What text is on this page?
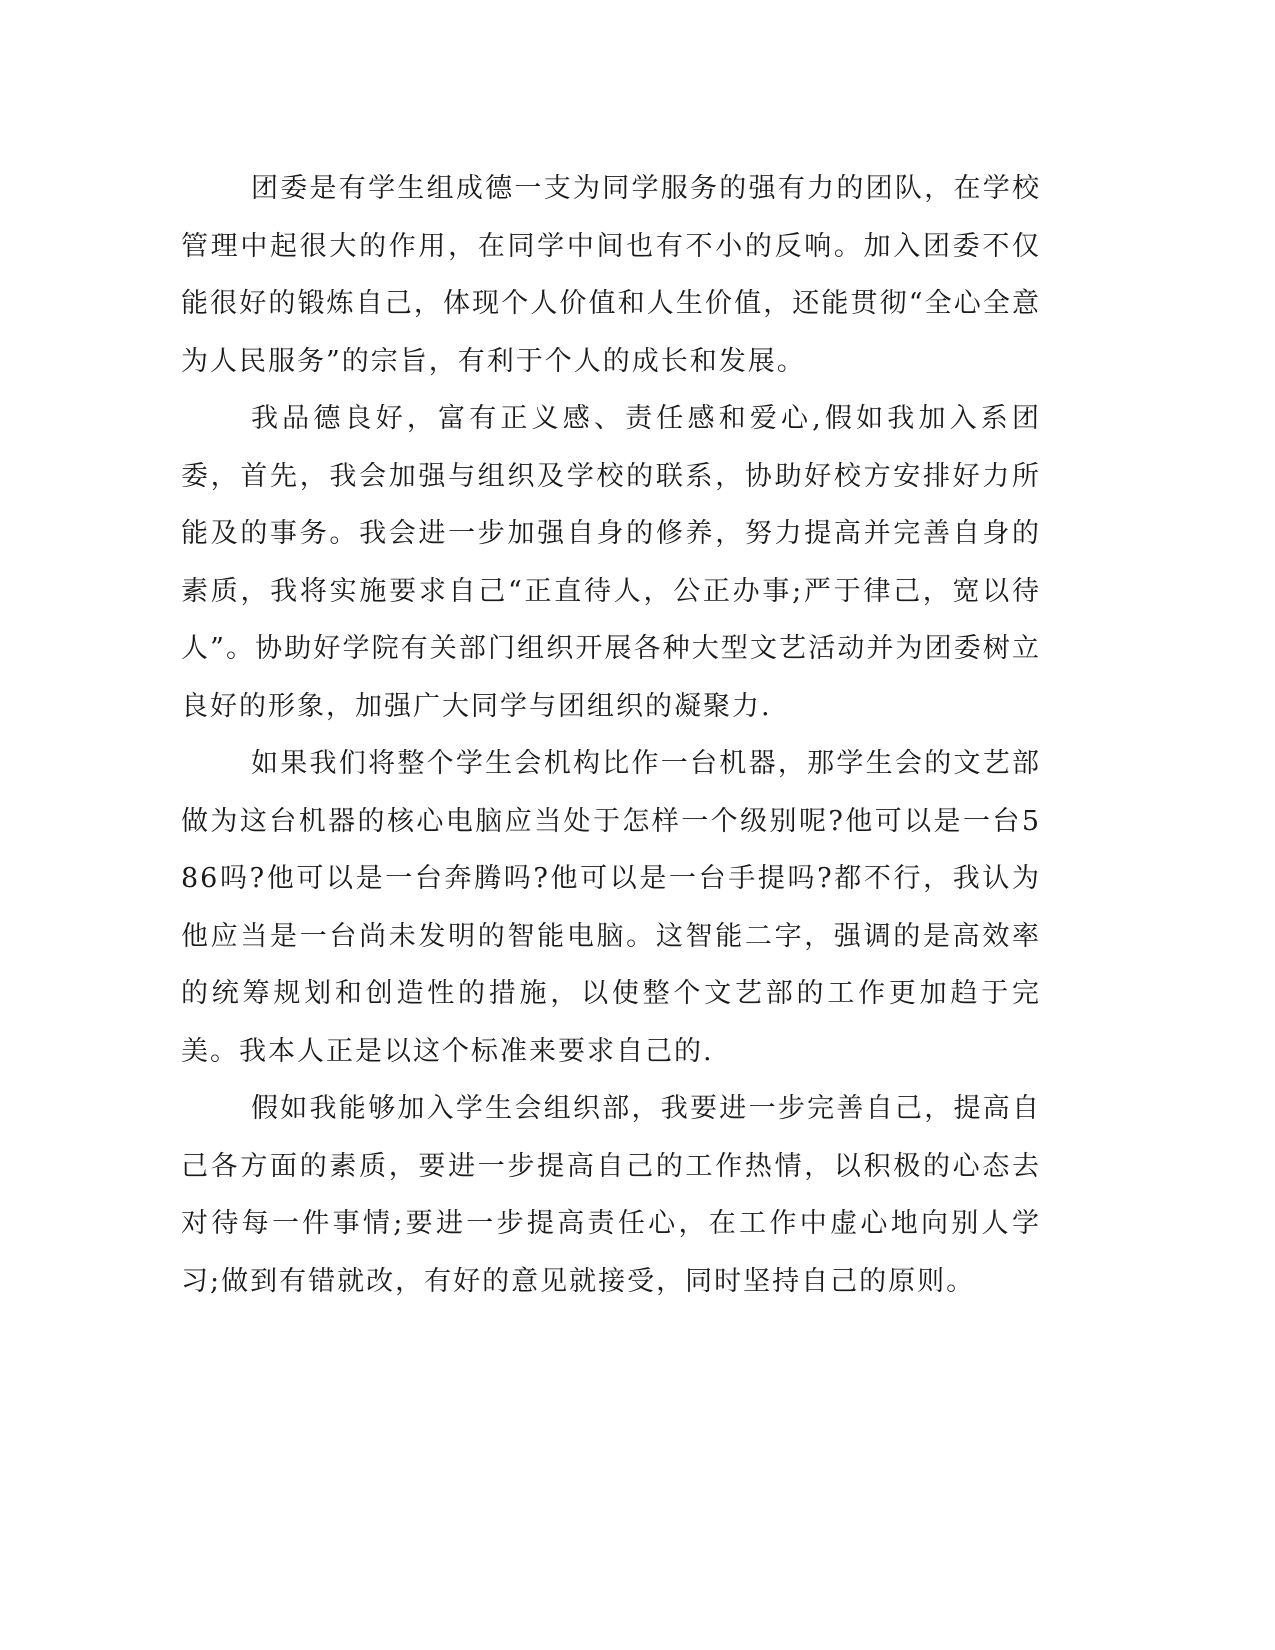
团委是有学生组成德一支为同学服务的强有力的团队，在学校管理中起很大的作用，在同学中间也有不小的反响。加入团委不仅能很好的锻炼自己，体现个人价值和人生价值，还能贯彻“全心全意为人民服务”的宗旨，有利于个人的成长和发展。

我品德良好，富有正义感、责任感和爱心,假如我加入系团委，首先，我会加强与组织及学校的联系，协助好校方安排好力所能及的事务。我会进一步加强自身的修养，努力提高并完善自身的素质，我将实施要求自己“正直待人，公正办事;严于律己，宽以待人”。协助好学院有关部门组织开展各种大型文艺活动并为团委树立良好的形象，加强广大同学与团组织的凝聚力.

如果我们将整个学生会机构比作一台机器，那学生会的文艺部做为这台机器的核心电脑应当处于怎样一个级别呢?他可以是一台586吗?他可以是一台奔腾吗?他可以是一台手提吗?都不行，我认为他应当是一台尚未发明的智能电脑。这智能二字，强调的是高效率的统筹规划和创造性的措施，以使整个文艺部的工作更加趋于完美。我本人正是以这个标准来要求自己的.

假如我能够加入学生会组织部，我要进一步完善自己，提高自己各方面的素质，要进一步提高自己的工作热情，以积极的心态去对待每一件事情;要进一步提高责任心，在工作中虚心地向别人学习;做到有错就改，有好的意见就接受，同时坚持自己的原则。
